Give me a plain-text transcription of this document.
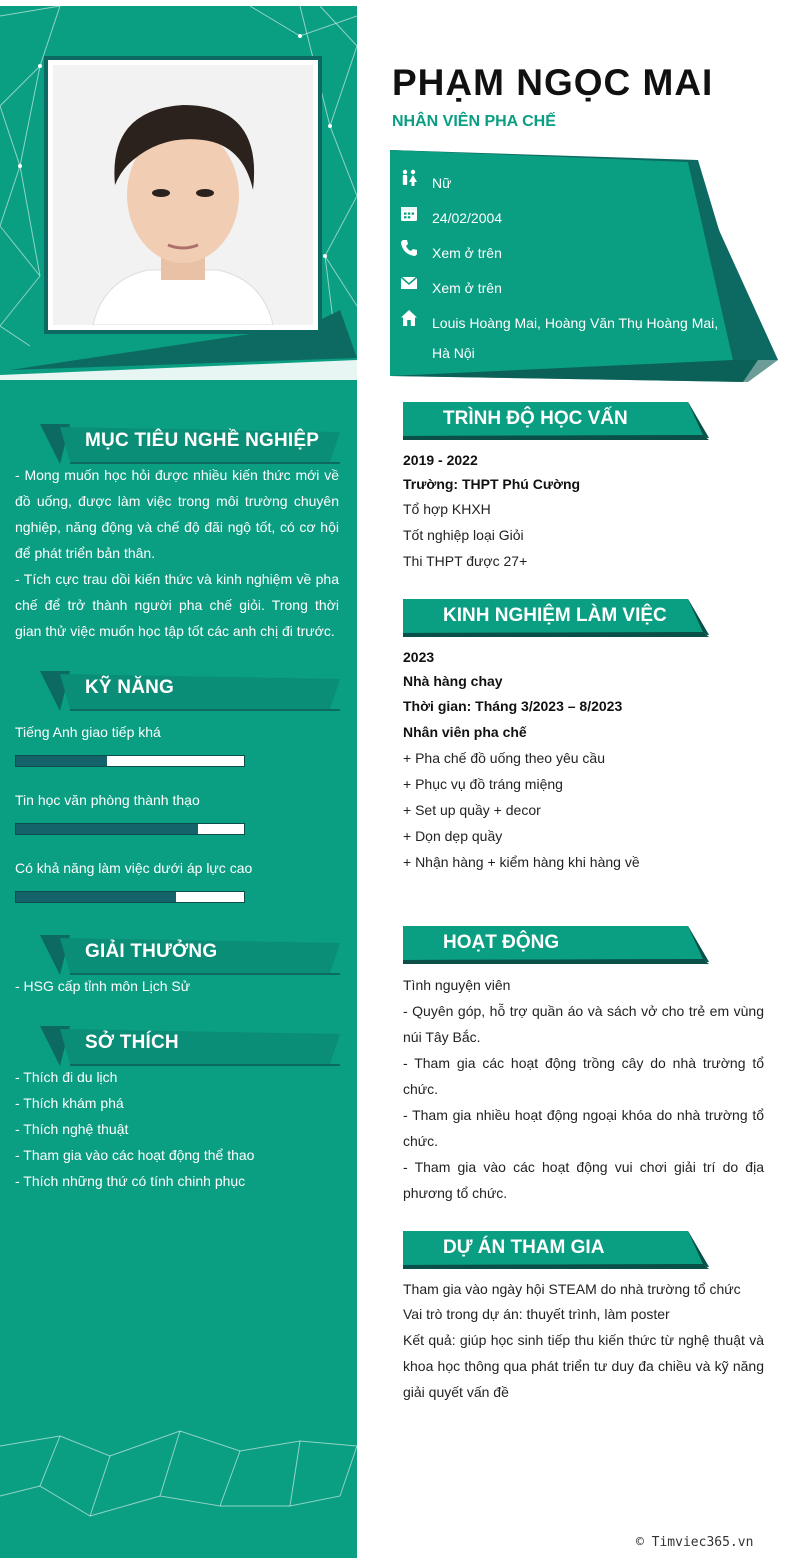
MỤC TIÊU NGHỀ NGHIỆP

- Mong muốn học hỏi được nhiều kiến thức mới về đồ uống, được làm việc trong môi trường chuyên nghiệp, năng động và chế độ đãi ngộ tốt, có cơ hội để phát triển bản thân.

- Tích cực trau dồi kiến thức và kinh nghiệm về pha chế để trở thành người pha chế giỏi. Trong thời gian thử việc muốn học tập tốt các anh chị đi trước.

KỸ NĂNG
Tiếng Anh giao tiếp khá
Tin học văn phòng thành thạo
Có khả năng làm việc dưới áp lực cao
GIẢI THƯỞNG
- HSG cấp tỉnh môn Lịch Sử
SỞ THÍCH
- Thích đi du lịch
- Thích khám phá
- Thích nghệ thuật
- Tham gia vào các hoạt động thể thao
- Thích những thứ có tính chinh phục
PHẠM NGỌC MAI
NHÂN VIÊN PHA CHẾ
Nữ
24/02/2004
Xem ở trên
Xem ở trên
Louis Hoàng Mai, Hoàng Văn Thụ Hoàng Mai, Hà Nội
TRÌNH ĐỘ HỌC VẤN
2019 - 2022
Trường: THPT Phú Cường
Tổ hợp KHXH
Tốt nghiệp loại Giỏi
Thi THPT được 27+
KINH NGHIỆM LÀM VIỆC
2023
Nhà hàng chay
Thời gian: Tháng 3/2023 – 8/2023
Nhân viên pha chế
+ Pha chế đồ uống theo yêu cầu
+ Phục vụ đồ tráng miệng
+ Set up quầy + decor
+ Dọn dẹp quầy
+ Nhận hàng + kiểm hàng khi hàng về
HOẠT ĐỘNG
Tình nguyện viên

- Quyên góp, hỗ trợ quần áo và sách vở cho trẻ em vùng núi Tây Bắc.

- Tham gia các hoạt động trồng cây do nhà trường tổ chức.

- Tham gia nhiều hoạt động ngoại khóa do nhà trường tổ chức.

- Tham gia vào các hoạt động vui chơi giải trí do địa phương tổ chức.

DỰ ÁN THAM GIA
Tham gia vào ngày hội STEAM do nhà trường tổ chức
Vai trò trong dự án: thuyết trình, làm poster

Kết quả: giúp học sinh tiếp thu kiến thức từ nghệ thuật và khoa học thông qua phát triển tư duy đa chiều và kỹ năng giải quyết vấn đề

© Timviec365.vn
